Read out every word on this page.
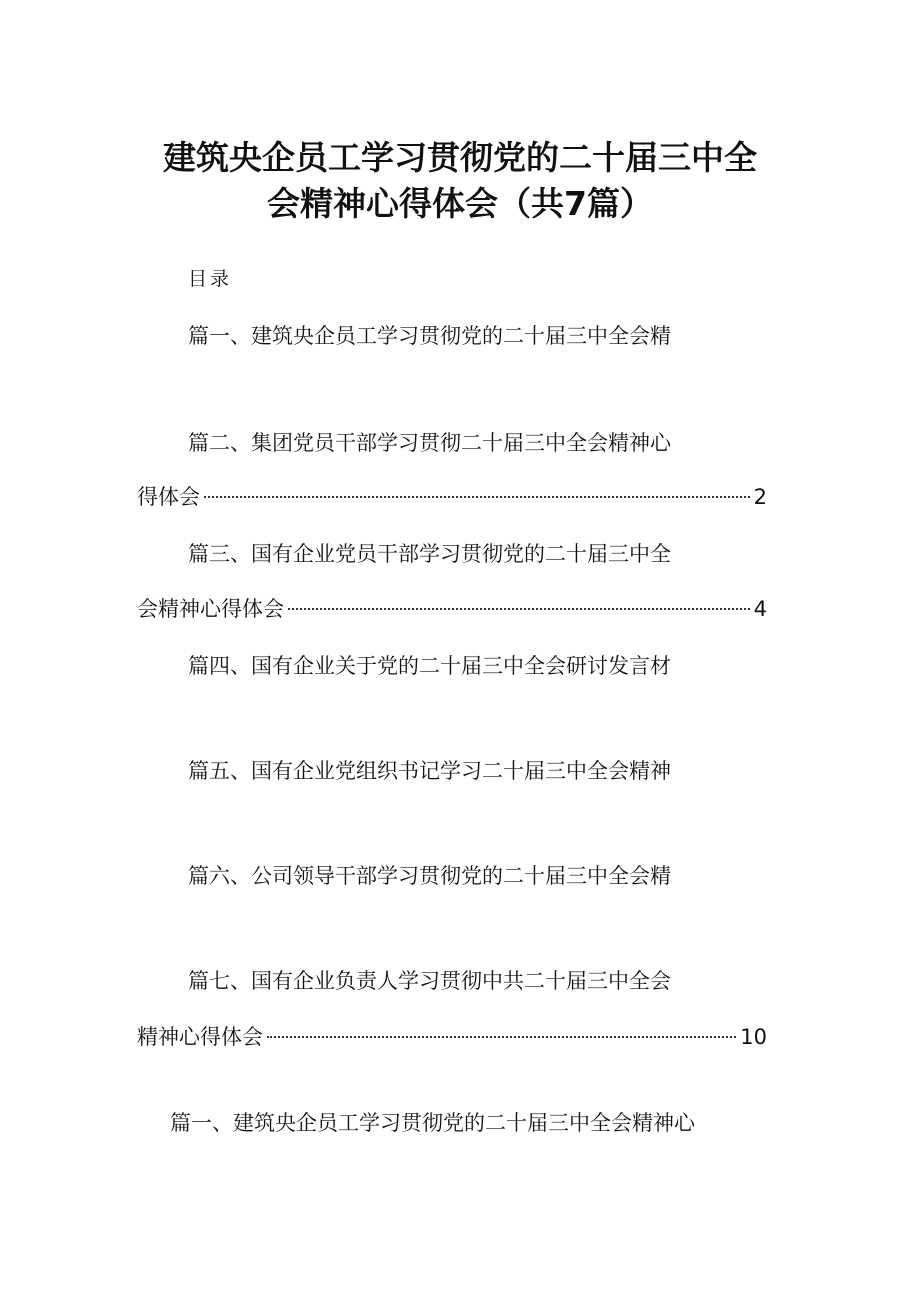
建筑央企员工学习贯彻党的二十届三中全
会精神心得体会（共7篇）
目录
篇一、建筑央企员工学习贯彻党的二十届三中全会精
篇二、集团党员干部学习贯彻二十届三中全会精神心
得体会	2
篇三、国有企业党员干部学习贯彻党的二十届三中全
会精神心得体会	4
篇四、国有企业关于党的二十届三中全会研讨发言材
篇五、国有企业党组织书记学习二十届三中全会精神
篇六、公司领导干部学习贯彻党的二十届三中全会精
篇七、国有企业负责人学习贯彻中共二十届三中全会
精神心得体会	10
篇一、建筑央企员工学习贯彻党的二十届三中全会精神心
